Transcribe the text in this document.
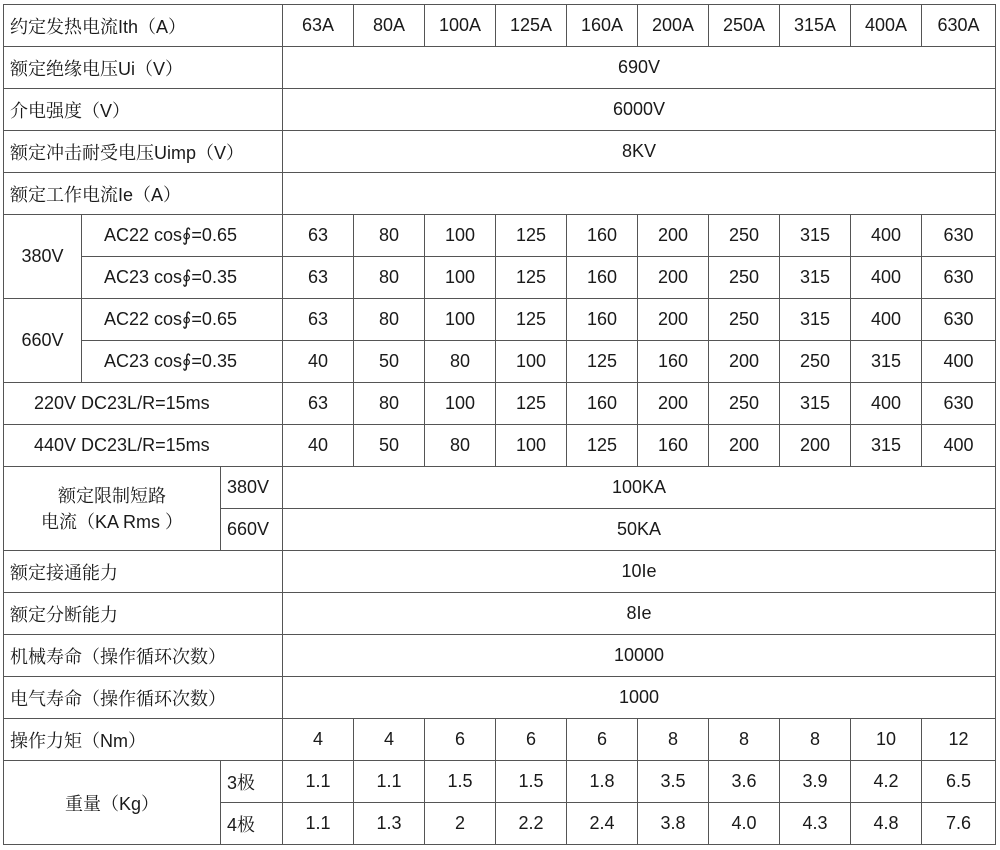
约定发热电流Ith（A）			63A	80A	100A	125A	160A	200A	250A	315A	400A	630A
额定绝缘电压Ui（V）			690V									
介电强度（V）			6000V									
额定冲击耐受电压Uimp（V）			8KV									
额定工作电流Ie（A）												
380V	AC22 cos∮=0.65		63	80	100	125	160	200	250	315	400	630
	AC23 cos∮=0.35		63	80	100	125	160	200	250	315	400	630
660V	AC22 cos∮=0.65		63	80	100	125	160	200	250	315	400	630
	AC23 cos∮=0.35		40	50	80	100	125	160	200	250	315	400
220V DC23L/R=15ms			63	80	100	125	160	200	250	315	400	630
440V DC23L/R=15ms			40	50	80	100	125	160	200	200	315	400

额定限制短路
电流（KA Rms ）		380V	100KA									
		660V	50KA									
额定接通能力			10Ie									
额定分断能力			8Ie									
机械寿命（操作循环次数）			10000									
电气寿命（操作循环次数）			1000									
操作力矩（Nm）			4	4	6	6	6	8	8	8	10	12
重量（Kg）		3极	1.1	1.1	1.5	1.5	1.8	3.5	3.6	3.9	4.2	6.5
		4极	1.1	1.3	2	2.2	2.4	3.8	4.0	4.3	4.8	7.6
